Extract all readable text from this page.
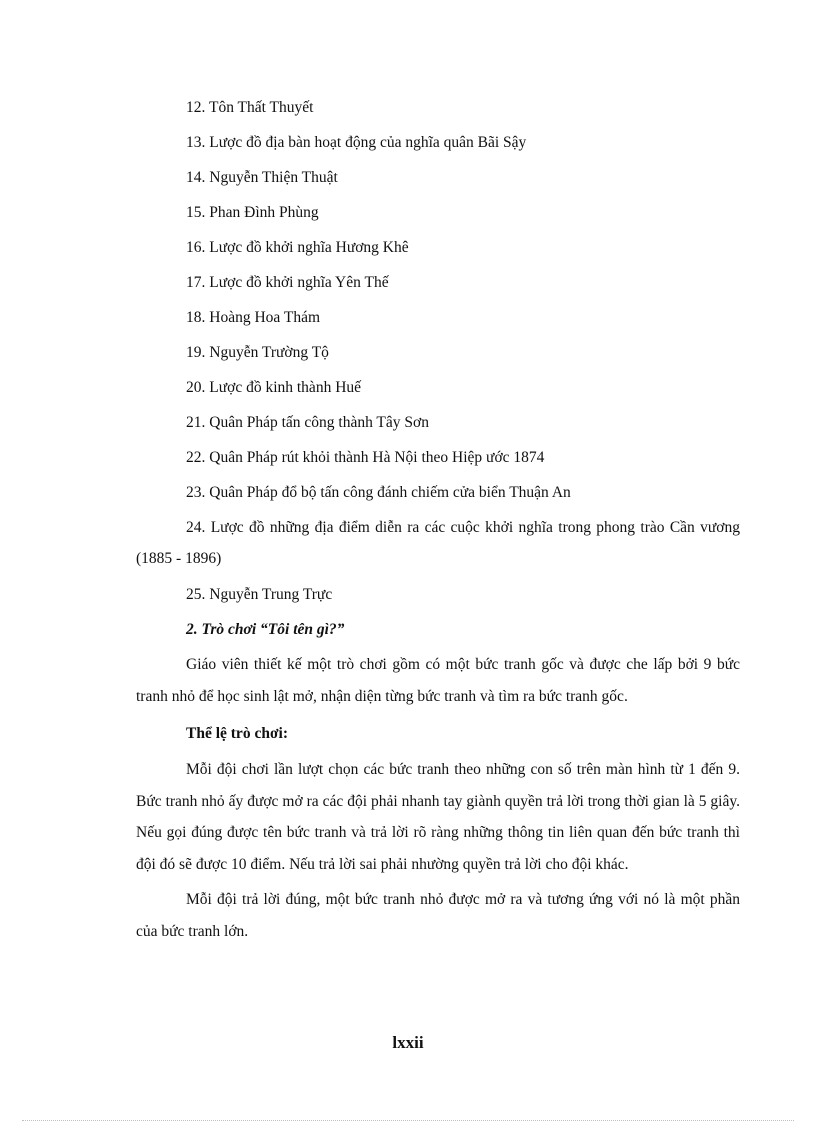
12. Tôn Thất Thuyết
13. Lược đồ địa bàn hoạt động của nghĩa quân Bãi Sậy
14. Nguyễn Thiện Thuật
15. Phan Đình Phùng
16. Lược đồ khởi nghĩa Hương Khê
17. Lược đồ khởi nghĩa Yên Thế
18. Hoàng Hoa Thám
19. Nguyễn Trường Tộ
20. Lược đồ kinh thành Huế
21. Quân Pháp tấn công thành Tây Sơn
22. Quân Pháp rút khỏi thành Hà Nội theo Hiệp ước 1874
23. Quân Pháp đổ bộ tấn công đánh chiếm cửa biển Thuận An
24. Lược đồ những địa điểm diễn ra các cuộc khởi nghĩa trong phong trào Cần vương (1885 - 1896)
25. Nguyễn Trung Trực
2. Trò chơi “Tôi tên gì?”
Giáo viên thiết kế một trò chơi gồm có một bức tranh gốc và được che lấp bởi 9 bức tranh nhỏ để học sinh lật mở, nhận diện từng bức tranh và tìm ra bức tranh gốc.
Thể lệ trò chơi:
Mỗi đội chơi lần lượt chọn các bức tranh theo những con số trên màn hình từ 1 đến 9. Bức tranh nhỏ ấy được mở ra các đội phải nhanh tay giành quyền trả lời trong thời gian là 5 giây. Nếu gọi đúng được tên bức tranh và trả lời rõ ràng những thông tin liên quan đến bức tranh thì đội đó sẽ được 10 điểm. Nếu trả lời sai phải nhường quyền trả lời cho đội khác.
Mỗi đội trả lời đúng, một bức tranh nhỏ được mở ra và tương ứng với nó là một phần của bức tranh lớn.
lxxii
